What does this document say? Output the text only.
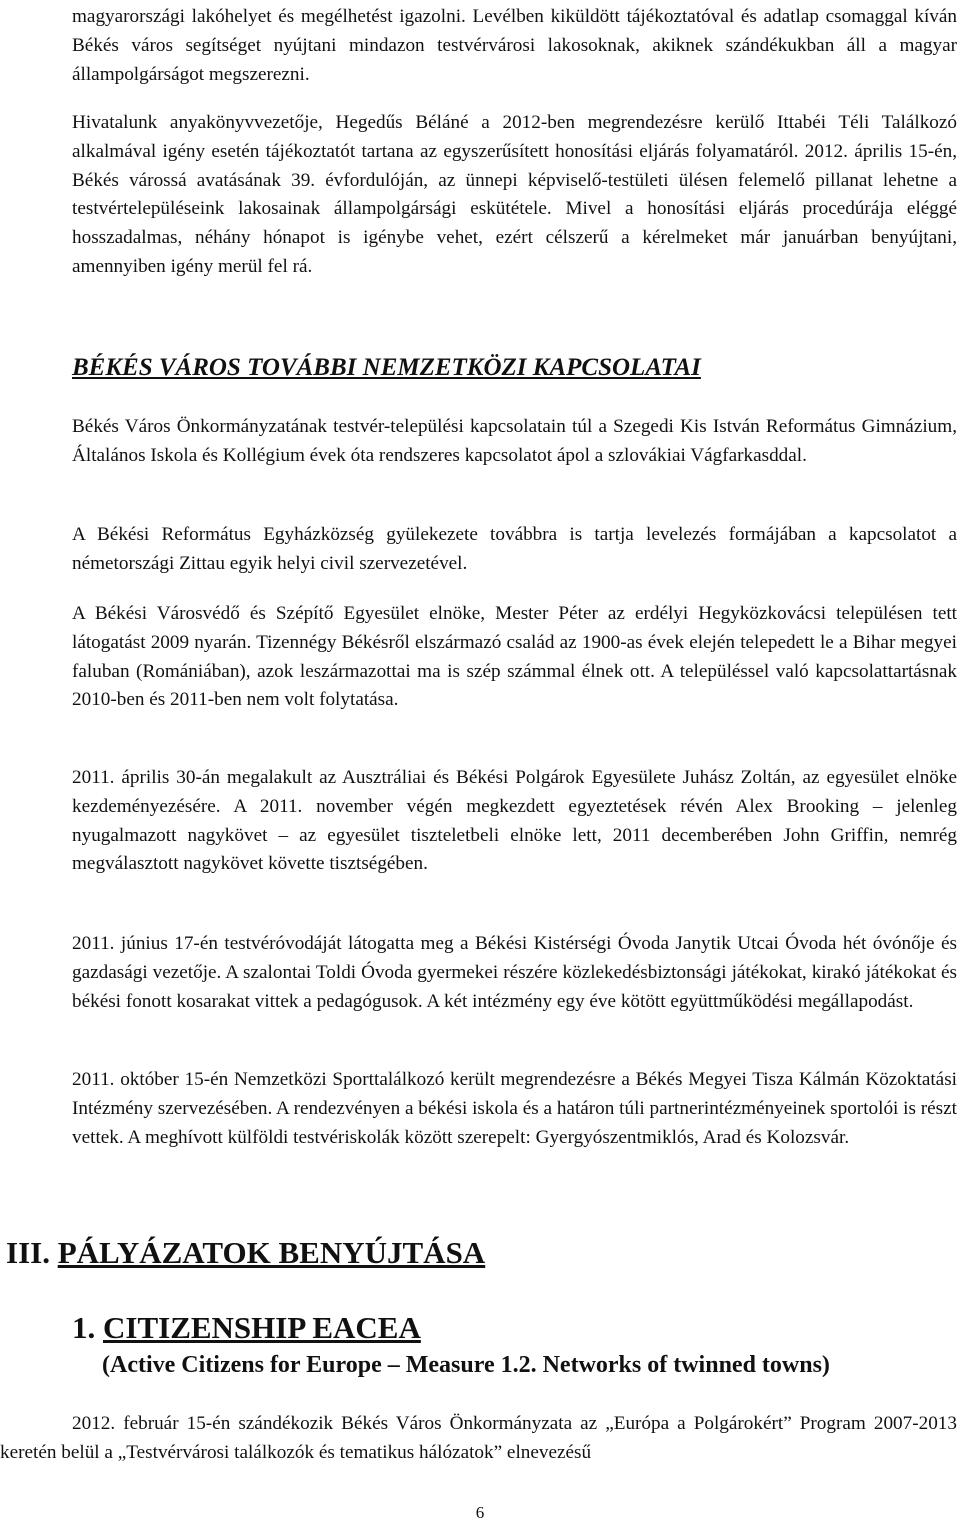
magyarországi lakóhelyet és megélhetést igazolni. Levélben kiküldött tájékoztatóval és adatlap csomaggal kíván Békés város segítséget nyújtani mindazon testvérvárosi lakosoknak, akiknek szándékukban áll a magyar állampolgárságot megszerezni.

Hivatalunk anyakönyvvezetője, Hegedűs Béláné a 2012-ben megrendezésre kerülő Ittabéi Téli Találkozó alkalmával igény esetén tájékoztatót tartana az egyszerűsített honosítási eljárás folyamatáról. 2012. április 15-én, Békés várossá avatásának 39. évfordulóján, az ünnepi képviselő-testületi ülésen felemelő pillanat lehetne a testvértelepüléseink lakosainak állampolgársági eskütétele. Mivel a honosítási eljárás procedúrája eléggé hosszadalmas, néhány hónapot is igénybe vehet, ezért célszerű a kérelmeket már januárban benyújtani, amennyiben igény merül fel rá.

BÉKÉS VÁROS TOVÁBBI NEMZETKÖZI KAPCSOLATAI

Békés Város Önkormányzatának testvér-települési kapcsolatain túl a Szegedi Kis István Református Gimnázium, Általános Iskola és Kollégium évek óta rendszeres kapcsolatot ápol a szlovákiai Vágfarkasddal.

A Békési Református Egyházközség gyülekezete továbbra is tartja levelezés formájában a kapcsolatot a németországi Zittau egyik helyi civil szervezetével.

A Békési Városvédő és Szépítő Egyesület elnöke, Mester Péter az erdélyi Hegyközkovácsi településen tett látogatást 2009 nyarán. Tizennégy Békésről elszármazó család az 1900-as évek elején telepedett le a Bihar megyei faluban (Romániában), azok leszármazottai ma is szép számmal élnek ott. A településsel való kapcsolattartásnak 2010-ben és 2011-ben nem volt folytatása.

2011. április 30-án megalakult az Ausztráliai és Békési Polgárok Egyesülete Juhász Zoltán, az egyesület elnöke kezdeményezésére. A 2011. november végén megkezdett egyeztetések révén Alex Brooking – jelenleg nyugalmazott nagykövet – az egyesület tiszteletbeli elnöke lett, 2011 decemberében John Griffin, nemrég megválasztott nagykövet követte tisztségében.

2011. június 17-én testvéróvodáját látogatta meg a Békési Kistérségi Óvoda Janytik Utcai Óvoda hét óvónője és gazdasági vezetője. A szalontai Toldi Óvoda gyermekei részére közlekedésbiztonsági játékokat, kirakó játékokat és békési fonott kosarakat vittek a pedagógusok. A két intézmény egy éve kötött együttműködési megállapodást.

2011. október 15-én Nemzetközi Sporttalálkozó került megrendezésre a Békés Megyei Tisza Kálmán Közoktatási Intézmény szervezésében. A rendezvényen a békési iskola és a határon túli partnerintézményeinek sportolói is részt vettek. A meghívott külföldi testvériskolák között szerepelt: Gyergyószentmiklós, Arad és Kolozsvár.

III. PÁLYÁZATOK BENYÚJTÁSA
1. CITIZENSHIP EACEA
(Active Citizens for Europe – Measure 1.2. Networks of twinned towns)

2012. február 15-én szándékozik Békés Város Önkormányzata az „Európa a Polgárokért” Program 2007-2013 keretén belül a „Testvérvárosi találkozók és tematikus hálózatok” elnevezésű

6
